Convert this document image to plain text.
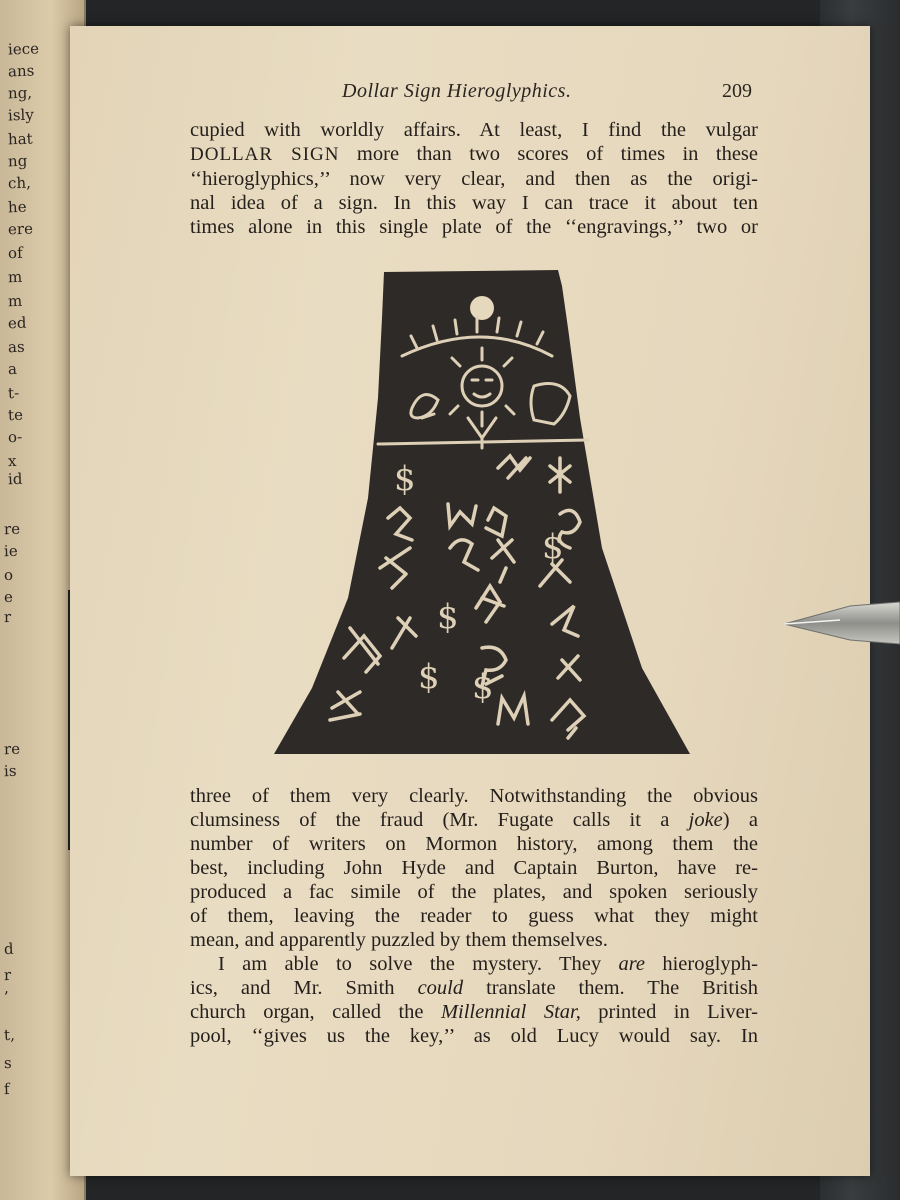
iece
ans
ng,
isly
hat
ng
ch,
he
ere
of
m
m
ed
as
a
t-
te
o-
x
id
re
ie
o
e
r
re
is
d
r
’
t,
s
f
Dollar Sign Hieroglyphics.	209
cupied with worldly affairs. At least, I find the vulgar
DOLLAR SIGN more than two scores of times in these
‘‘hieroglyphics,’’ now very clear, and then as the origi-
nal idea of a sign. In this way I can trace it about ten
times alone in this single plate of the ‘‘engravings,’’ two or
$
$
$
$
$
three of them very clearly. Notwithstanding the obvious
clumsiness of the fraud (Mr. Fugate calls it a joke) a
number of writers on Mormon history, among them the
best, including John Hyde and Captain Burton, have re-
produced a fac simile of the plates, and spoken seriously
of them, leaving the reader to guess what they might
mean, and apparently puzzled by them themselves.
I am able to solve the mystery. They are hieroglyph-
ics, and Mr. Smith could translate them. The British
church organ, called the Millennial Star, printed in Liver-
pool, ‘‘gives us the key,’’ as old Lucy would say. In
